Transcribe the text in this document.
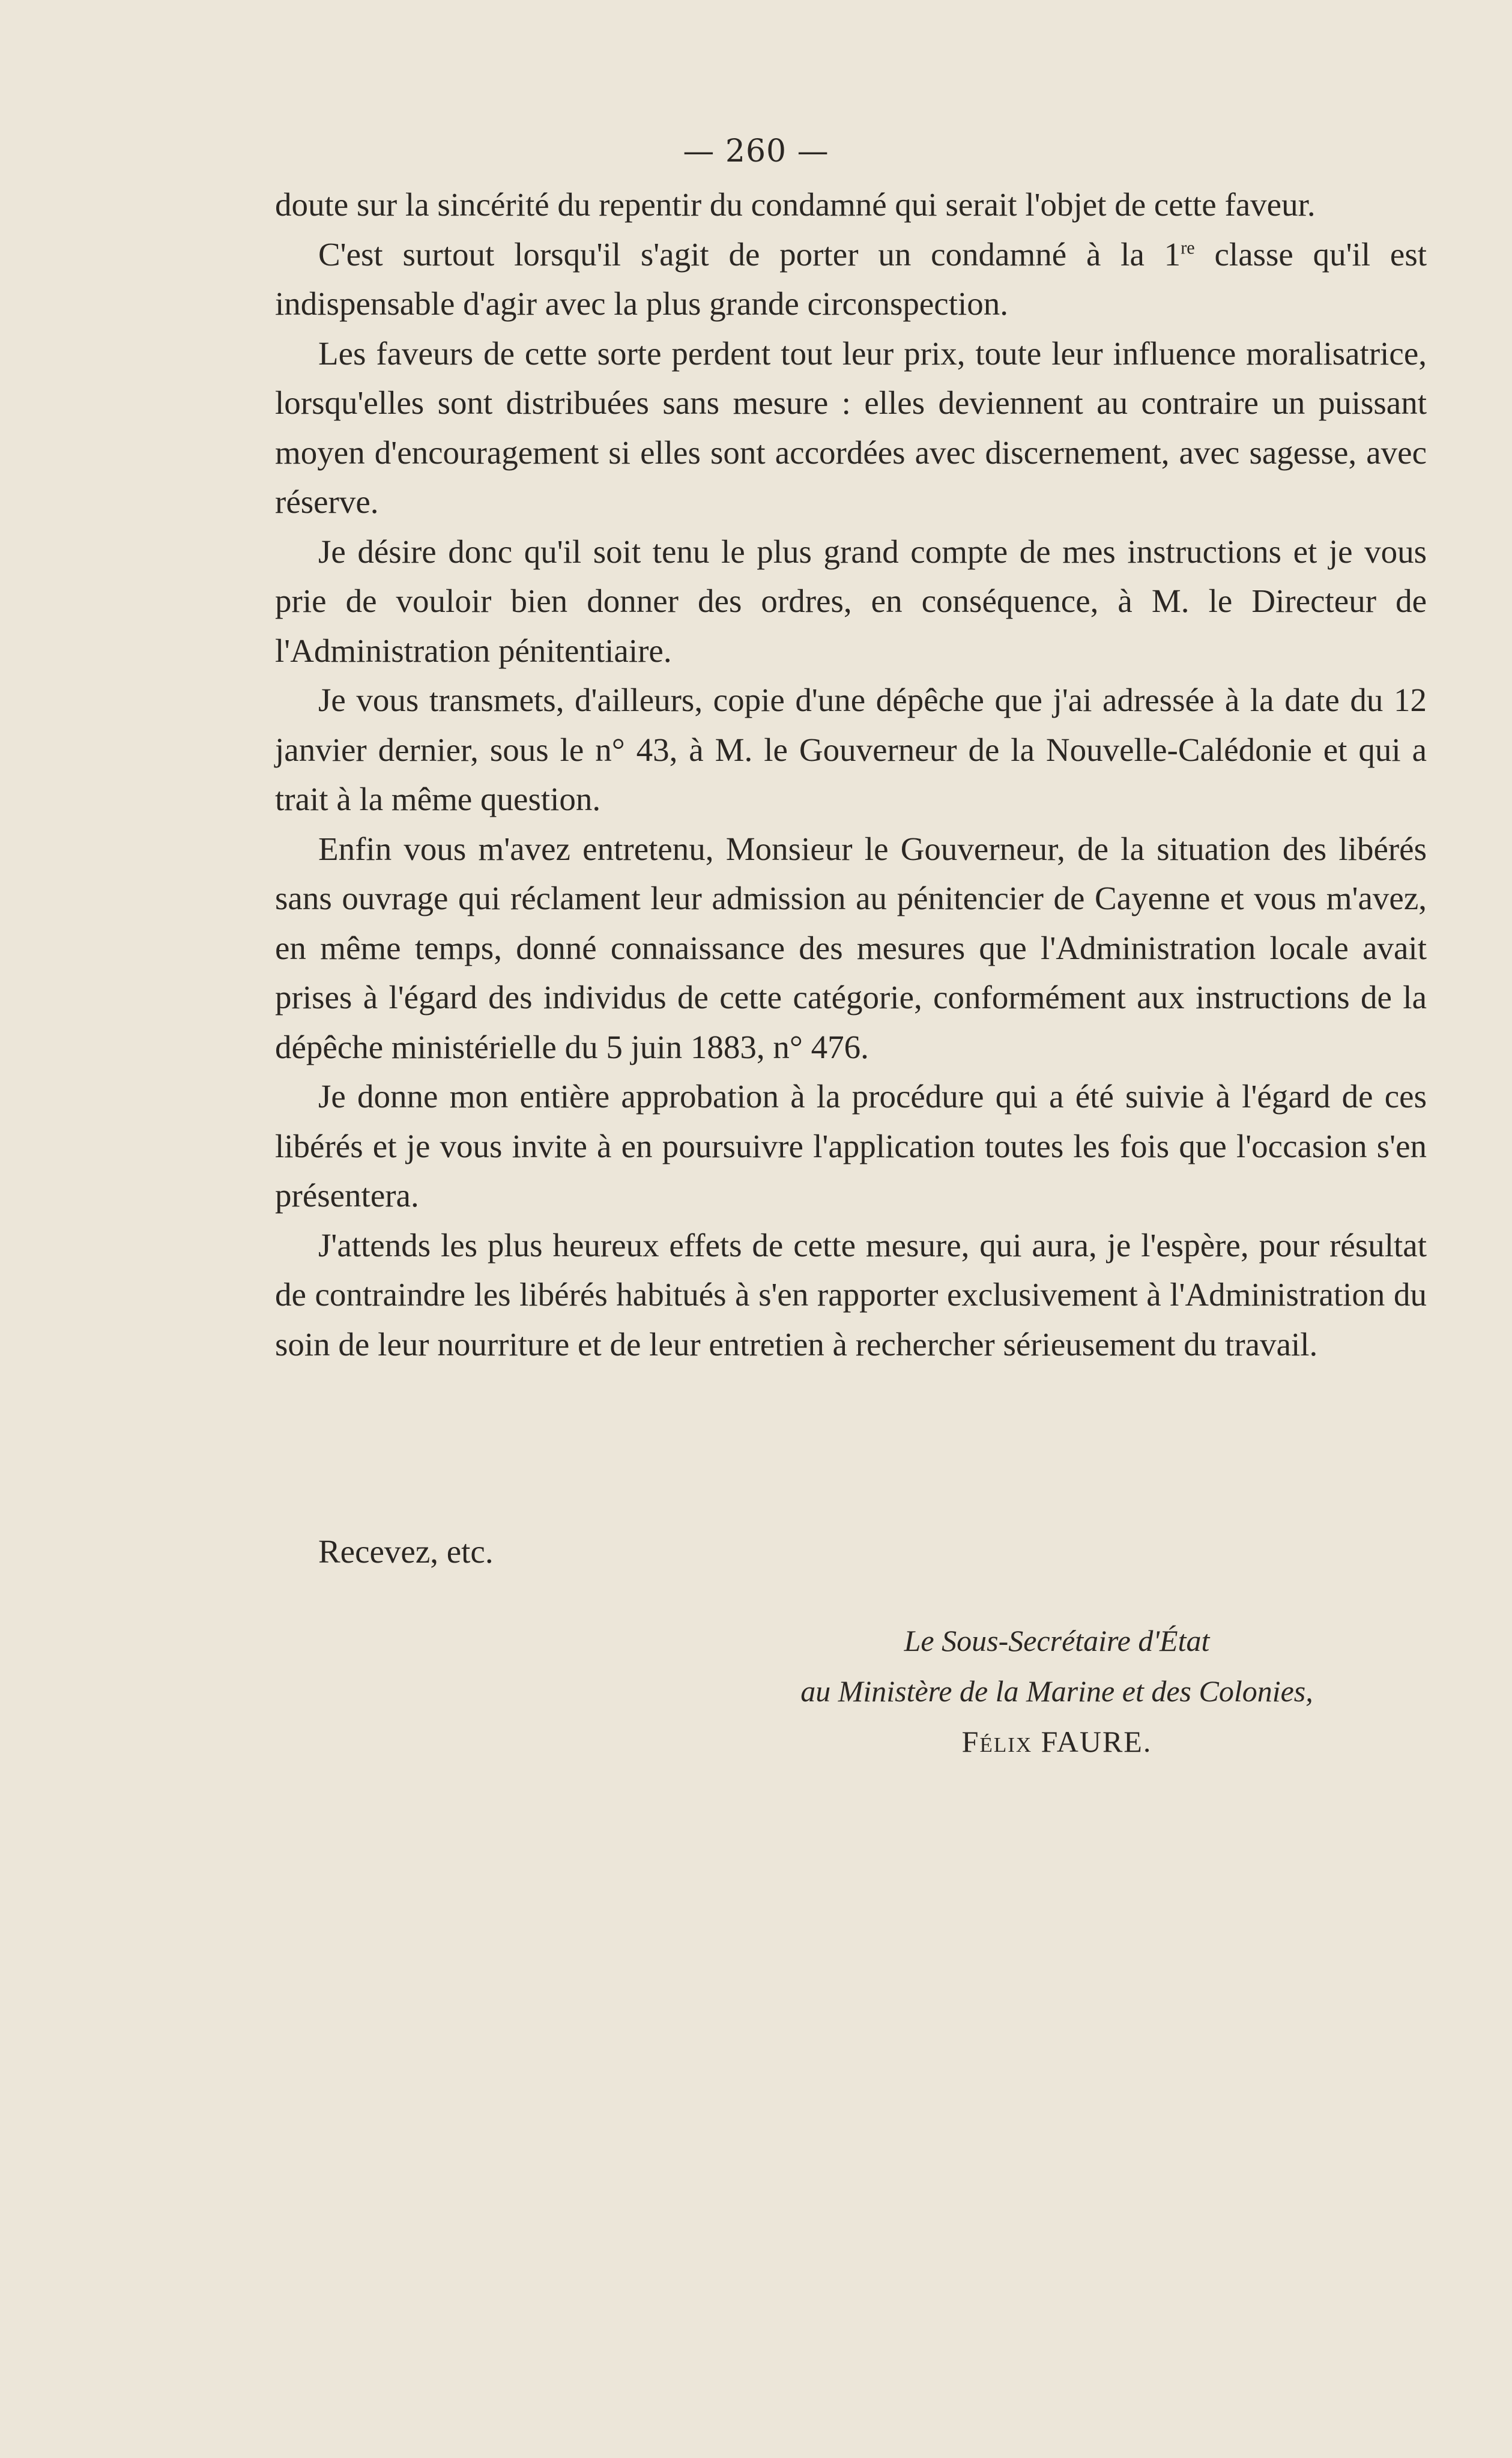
— 260 —

doute sur la sincérité du repentir du condamné qui serait l'objet de cette faveur.

C'est surtout lorsqu'il s'agit de porter un condamné à la 1re classe qu'il est indispensable d'agir avec la plus grande circonspection.

Les faveurs de cette sorte perdent tout leur prix, toute leur influence moralisatrice, lorsqu'elles sont distribuées sans mesure : elles deviennent au contraire un puissant moyen d'encouragement si elles sont accordées avec discernement, avec sagesse, avec réserve.

Je désire donc qu'il soit tenu le plus grand compte de mes instructions et je vous prie de vouloir bien donner des ordres, en conséquence, à M. le Directeur de l'Administration pénitentiaire.

Je vous transmets, d'ailleurs, copie d'une dépêche que j'ai adressée à la date du 12 janvier dernier, sous le n° 43, à M. le Gouverneur de la Nouvelle-Calédonie et qui a trait à la même question.

Enfin vous m'avez entretenu, Monsieur le Gouverneur, de la situation des libérés sans ouvrage qui réclament leur admission au pénitencier de Cayenne et vous m'avez, en même temps, donné connaissance des mesures que l'Administration locale avait prises à l'égard des individus de cette catégorie, conformément aux instructions de la dépêche ministérielle du 5 juin 1883, n° 476.

Je donne mon entière approbation à la procédure qui a été suivie à l'égard de ces libérés et je vous invite à en poursuivre l'application toutes les fois que l'occasion s'en présentera.

J'attends les plus heureux effets de cette mesure, qui aura, je l'espère, pour résultat de contraindre les libérés habitués à s'en rapporter exclusivement à l'Administration du soin de leur nourriture et de leur entretien à rechercher sérieusement du travail.

Recevez, etc.
Le Sous-Secrétaire d'État
au Ministère de la Marine et des Colonies,
Félix FAURE.
